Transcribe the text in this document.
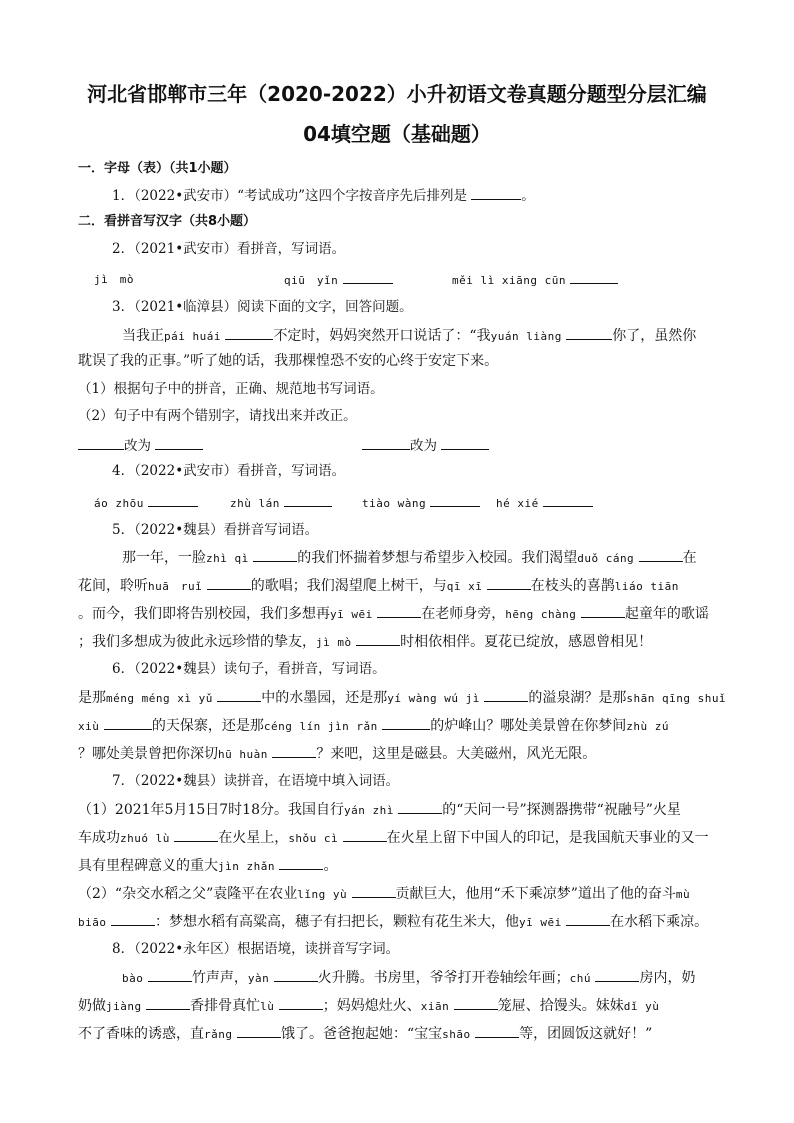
河北省邯郸市三年（2020-2022）小升初语文卷真题分题型分层汇编
04填空题（基础题）
一．字母（表）（共1小题）
1．（2022•武安市）“考试成功”这四个字按音序先后排列是	。
二．看拼音写汉字（共8小题）
2．（2021•武安市）看拼音，写词语。
jì　mò	qiū　yǐn	měi lì xiāng cūn
3．（2021•临漳县）阅读下面的文字，回答问题。
当我正pái huái	不定时，妈妈突然开口说话了：“我yuán liàng	你了，虽然你
耽误了我的正事。”听了她的话，我那棵惶恐不安的心终于安定下来。
（1）根据句子中的拼音，正确、规范地书写词语。
（2）句子中有两个错别字，请找出来并改正。
改为	改为
4．（2022•武安市）看拼音，写词语。
áo zhōu	zhù lán	tiào wàng	hé xié
5．（2022•魏县）看拼音写词语。
那一年，一脸zhì qì	的我们怀揣着梦想与希望步入校园。我们渴望duǒ cáng	在
花间，聆听huā　ruǐ	的歌唱；我们渴望爬上树干，与qī xī	在枝头的喜鹊liáo tiān
。而今，我们即将告别校园，我们多想再yī wēi	在老师身旁，hēng chàng	起童年的歌谣
；我们多想成为彼此永远珍惜的挚友，jì mò	时相依相伴。夏花已绽放，感恩曾相见！
6．（2022•魏县）读句子，看拼音，写词语。
是那méng méng xì yǔ	中的水墨园，还是那yí wàng wú jì	的溢泉湖？是那shān qīng shuǐ
xiù	的天保寨，还是那céng lín jìn rǎn	的炉峰山？哪处美景曾在你梦间zhù zú
？哪处美景曾把你深切hū huàn	？来吧，这里是磁县。大美磁州，风光无限。
7．（2022•魏县）读拼音，在语境中填入词语。
（1）2021年5月15日7时18分。我国自行yán zhì	的“天问一号”探测器携带“祝融号”火星
车成功zhuó lù	在火星上，shǒu cì	在火星上留下中国人的印记，是我国航天事业的又一
具有里程碑意义的重大jìn zhǎn	。
（2）“杂交水稻之父”袁隆平在农业lǐng yù	贡献巨大，他用“禾下乘凉梦”道出了他的奋斗mù
biāo	：梦想水稻有高粱高，穗子有扫把长，颗粒有花生米大，他yī wēi	在水稻下乘凉。
8．（2022•永年区）根据语境，读拼音写字词。
bào	竹声声，yàn	火升腾。书房里，爷爷打开卷轴绘年画；chú	房内，奶
奶做jiàng	香排骨真忙lù	；妈妈熄灶火、xiān	笼屉、拾馒头。妹妹dǐ yù
不了香味的诱惑，直rǎng	饿了。爸爸抱起她：“宝宝shāo	等，团圆饭这就好！”
